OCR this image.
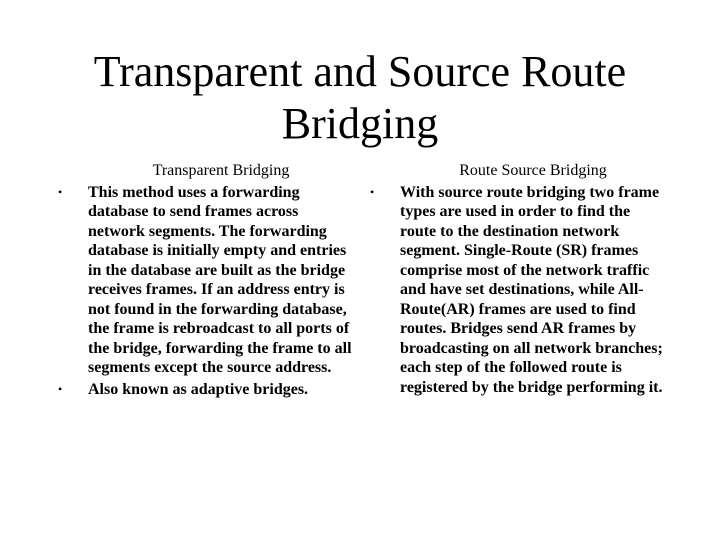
Transparent and Source Route Bridging
Transparent Bridging
•	This method uses a forwarding database to send frames across network segments. The forwarding database is initially empty and entries in the database are built as the bridge receives frames. If an address entry is not found in the forwarding database, the frame is rebroadcast to all ports of the bridge, forwarding the frame to all segments except the source address.
•	Also known as adaptive bridges.
Route Source Bridging
•	With source route bridging two frame types are used in order to find the route to the destination network segment. Single-Route (SR) frames comprise most of the network traffic and have set destinations, while All-Route(AR) frames are used to find routes. Bridges send AR frames by broadcasting on all network branches; each step of the followed route is registered by the bridge performing it.
